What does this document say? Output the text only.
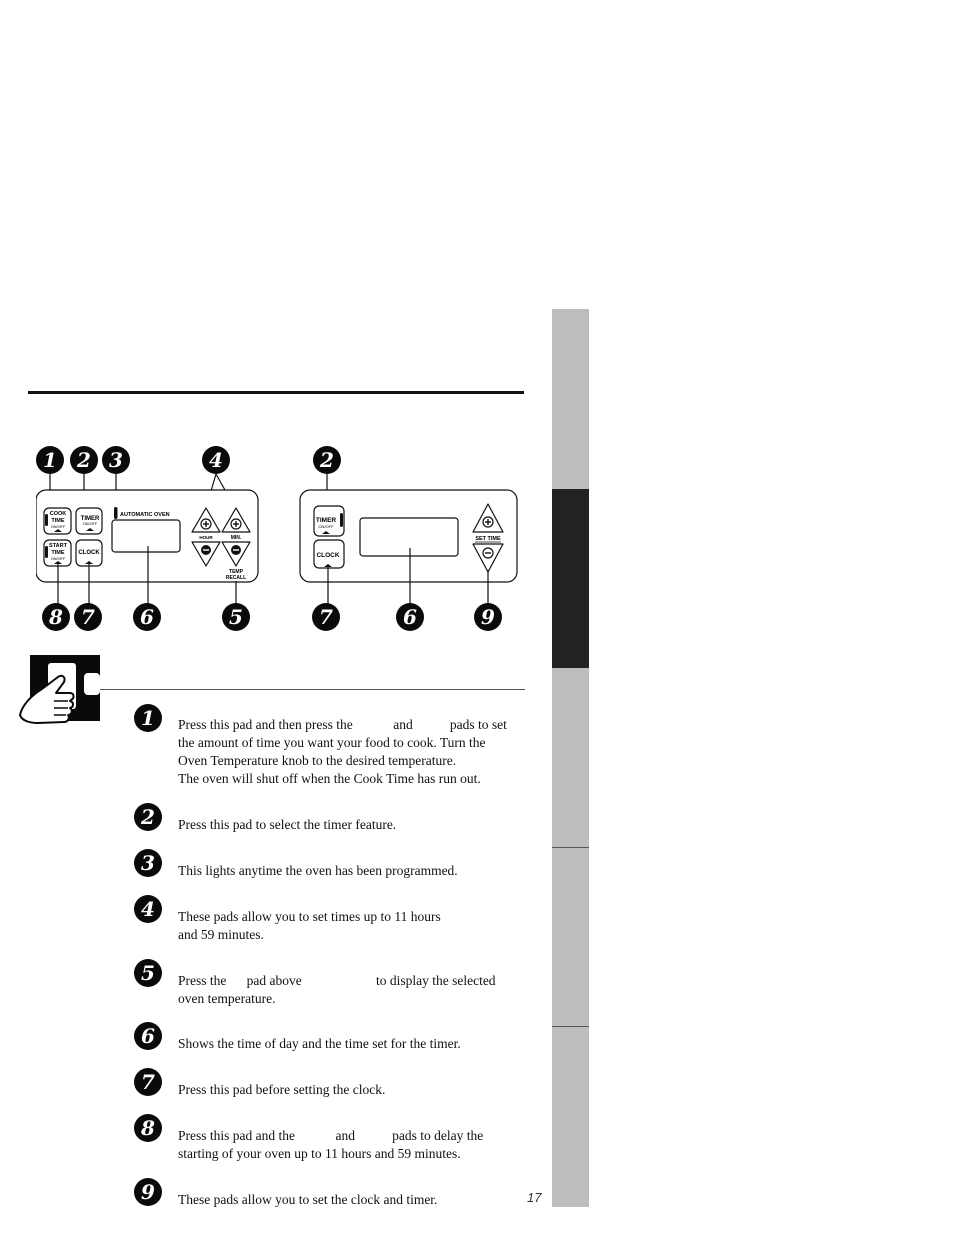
1	2 3	4
COOK
TIME
ON/OFF
TIMER
ON/OFF
AUTOMATIC OVEN
START
TIME
ON/OFF
CLOCK
HOUR	MIN.
TEMP
RECALL
8 7	6	5
2
TIMER
ON/OFF
CLOCK
SET TIME
7	6	9
1	Press this pad and then press the            and           pads to set
the amount of time you want your food to cook. Turn the
Oven Temperature knob to the desired temperature.
The oven will shut off when the Cook Time has run out.

2	Press this pad to select the timer feature.

3	This lights anytime the oven has been programmed.

4	These pads allow you to set times up to 11 hours
and 59 minutes.

5	Press the      pad above                      to display the selected
oven temperature.

6	Shows the time of day and the time set for the timer.

7	Press this pad before setting the clock.

8	Press this pad and the            and           pads to delay the
starting of your oven up to 11 hours and 59 minutes.

9	These pads allow you to set the clock and timer.	17
